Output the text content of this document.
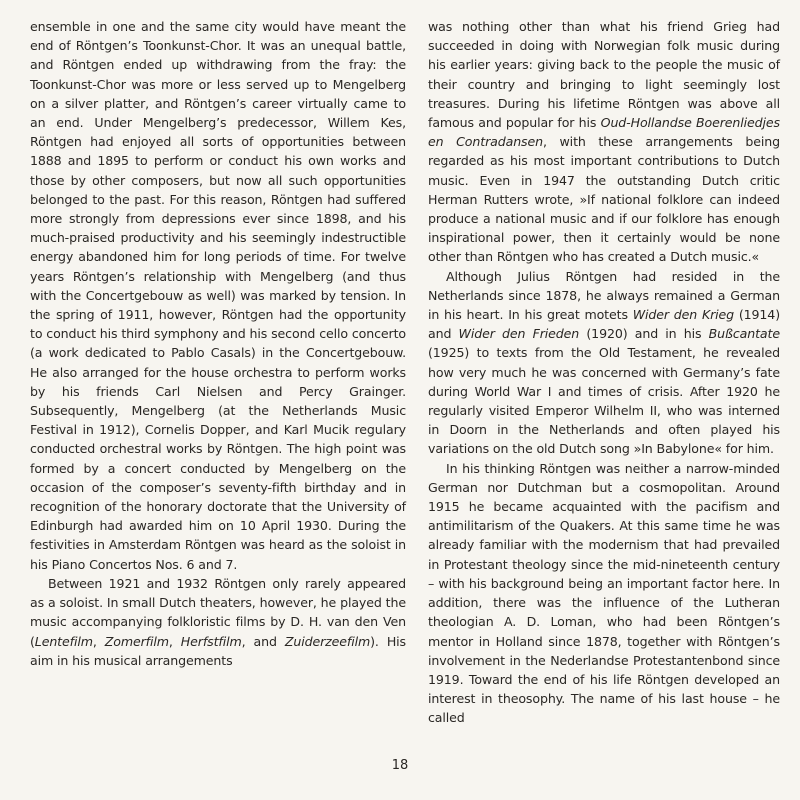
ensemble in one and the same city would have meant the end of Röntgen’s Toonkunst-Chor. It was an unequal battle, and Röntgen ended up withdrawing from the fray: the Toonkunst-Chor was more or less served up to Mengelberg on a silver platter, and Röntgen’s career virtually came to an end. Under Mengelberg’s predecessor, Willem Kes, Röntgen had enjoyed all sorts of opportunities between 1888 and 1895 to perform or conduct his own works and those by other composers, but now all such opportunities belonged to the past. For this reason, Röntgen had suffered more strongly from depressions ever since 1898, and his much-praised productivity and his seemingly indestructible energy abandoned him for long periods of time. For twelve years Röntgen’s relationship with Mengelberg (and thus with the Concertgebouw as well) was marked by tension. In the spring of 1911, however, Röntgen had the opportunity to conduct his third symphony and his second cello concerto (a work dedicated to Pablo Casals) in the Concertgebouw. He also arranged for the house orchestra to perform works by his friends Carl Nielsen and Percy Grainger. Subsequently, Mengelberg (at the Netherlands Music Festival in 1912), Cornelis Dopper, and Karl Mucik regulary conducted orchestral works by Röntgen. The high point was formed by a concert conducted by Mengelberg on the occasion of the composer’s seventy-fifth birthday and in recognition of the honorary doctorate that the University of Edinburgh had awarded him on 10 April 1930. During the festivities in Amsterdam Röntgen was heard as the soloist in his Piano Concertos Nos. 6 and 7.

Between 1921 and 1932 Röntgen only rarely appeared as a soloist. In small Dutch theaters, however, he played the music accompanying folkloristic films by D. H. van den Ven (Lentefilm, Zomerfilm, Herfstfilm, and Zuiderzeefilm). His aim in his musical arrangements

was nothing other than what his friend Grieg had succeeded in doing with Norwegian folk music during his earlier years: giving back to the people the music of their country and bringing to light seemingly lost treasures. During his lifetime Röntgen was above all famous and popular for his Oud-Hollandse Boerenliedjes en Contradansen, with these arrangements being regarded as his most important contributions to Dutch music. Even in 1947 the outstanding Dutch critic Herman Rutters wrote, »If national folklore can indeed produce a national music and if our folklore has enough inspirational power, then it certainly would be none other than Röntgen who has created a Dutch music.«

Although Julius Röntgen had resided in the Netherlands since 1878, he always remained a German in his heart. In his great motets Wider den Krieg (1914) and Wider den Frieden (1920) and in his Bußcantate (1925) to texts from the Old Testament, he revealed how very much he was concerned with Germany’s fate during World War I and times of crisis. After 1920 he regularly visited Emperor Wilhelm II, who was interned in Doorn in the Netherlands and often played his variations on the old Dutch song »In Babylone« for him.

In his thinking Röntgen was neither a narrow-minded German nor Dutchman but a cosmopolitan. Around 1915 he became acquainted with the pacifism and antimilitarism of the Quakers. At this same time he was already familiar with the modernism that had prevailed in Protestant theology since the mid-nineteenth century – with his background being an important factor here. In addition, there was the influence of the Lutheran theologian A. D. Loman, who had been Röntgen’s mentor in Holland since 1878, together with Röntgen’s involvement in the Nederlandse Protestantenbond since 1919. Toward the end of his life Röntgen developed an interest in theosophy. The name of his last house – he called

18
